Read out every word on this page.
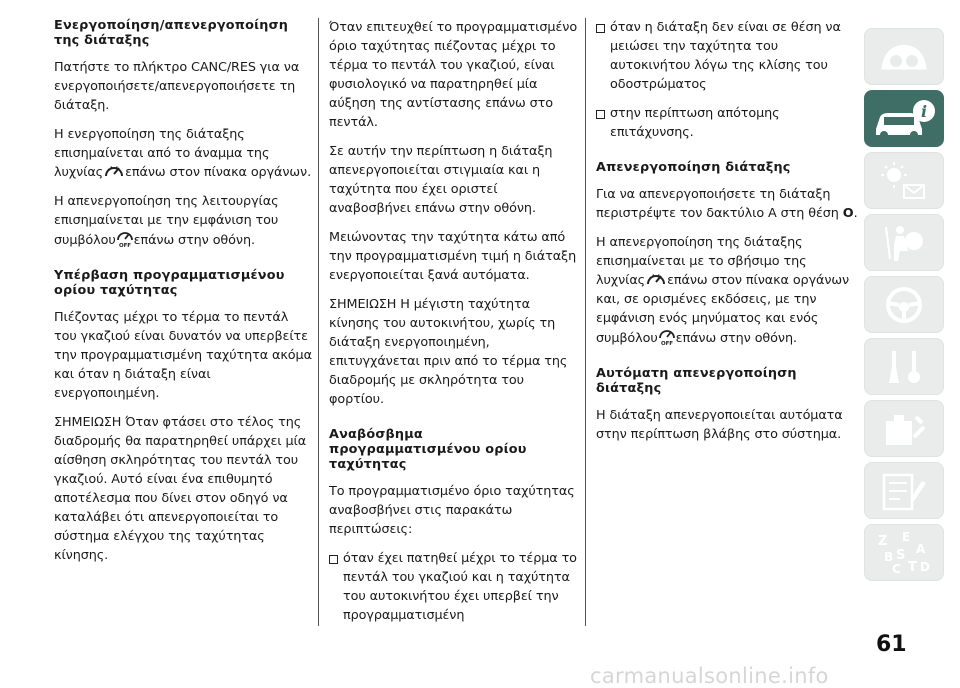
Ενεργοποίηση/απενεργοποίηση της διάταξης

Πατήστε το πλήκτρο CANC/RES για να ενεργοποιήσετε/απενεργοποιήσετε τη διάταξη.

Η ενεργοποίηση της διάταξης επισημαίνεται από το άναμμα της λυχνίας επάνω στον πίνακα οργάνων.

Η απενεργοποίηση της λειτουργίας επισημαίνεται με την εμφάνιση του συμβόλου OFF επάνω στην οθόνη.

Υπέρβαση προγραμματισμένου ορίου ταχύτητας

Πιέζοντας μέχρι το τέρμα το πεντάλ του γκαζιού είναι δυνατόν να υπερβείτε την προγραμματισμένη ταχύτητα ακόμα και όταν η διάταξη είναι ενεργοποιημένη.

ΣΗΜΕΙΩΣΗ Όταν φτάσει στο τέλος της διαδρομής θα παρατηρηθεί υπάρχει μία αίσθηση σκληρότητας του πεντάλ του γκαζιού. Αυτό είναι ένα επιθυμητό αποτέλεσμα που δίνει στον οδηγό να καταλάβει ότι απενεργοποιείται το σύστημα ελέγχου της ταχύτητας κίνησης.

Όταν επιτευχθεί το προγραμματισμένο όριο ταχύτητας πιέζοντας μέχρι το τέρμα το πεντάλ του γκαζιού, είναι φυσιολογικό να παρατηρηθεί μία αύξηση της αντίστασης επάνω στο πεντάλ.

Σε αυτήν την περίπτωση η διάταξη απενεργοποιείται στιγμιαία και η ταχύτητα που έχει οριστεί αναβοσβήνει επάνω στην οθόνη.

Μειώνοντας την ταχύτητα κάτω από την προγραμματισμένη τιμή η διάταξη ενεργοποιείται ξανά αυτόματα.

ΣΗΜΕΙΩΣΗ Η μέγιστη ταχύτητα κίνησης του αυτοκινήτου, χωρίς τη διάταξη ενεργοποιημένη, επιτυγχάνεται πριν από το τέρμα της διαδρομής με σκληρότητα του φορτίου.

Αναβόσβημα προγραμματισμένου ορίου ταχύτητας

Το προγραμματισμένο όριο ταχύτητας αναβοσβήνει στις παρακάτω περιπτώσεις:

όταν έχει πατηθεί μέχρι το τέρμα το πεντάλ του γκαζιού και η ταχύτητα του αυτοκινήτου έχει υπερβεί την προγραμματισμένη

όταν η διάταξη δεν είναι σε θέση να μειώσει την ταχύτητα του αυτοκινήτου λόγω της κλίσης του οδοστρώματος

στην περίπτωση απότομης επιτάχυνσης.

Απενεργοποίηση διάταξης

Για να απενεργοποιήσετε τη διάταξη περιστρέψτε τον δακτύλιο A στη θέση O.

Η απενεργοποίηση της διάταξης επισημαίνεται με το σβήσιμο της λυχνίας επάνω στον πίνακα οργάνων και, σε ορισμένες εκδόσεις, με την εμφάνιση ενός μηνύματος και ενός συμβόλου OFF επάνω στην οθόνη.

Αυτόματη απενεργοποίηση διάταξης

Η διάταξη απενεργοποιείται αυτόματα στην περίπτωση βλάβης στο σύστημα.

i
Z E
B S A
C T D
61
carmanualsonline.info
